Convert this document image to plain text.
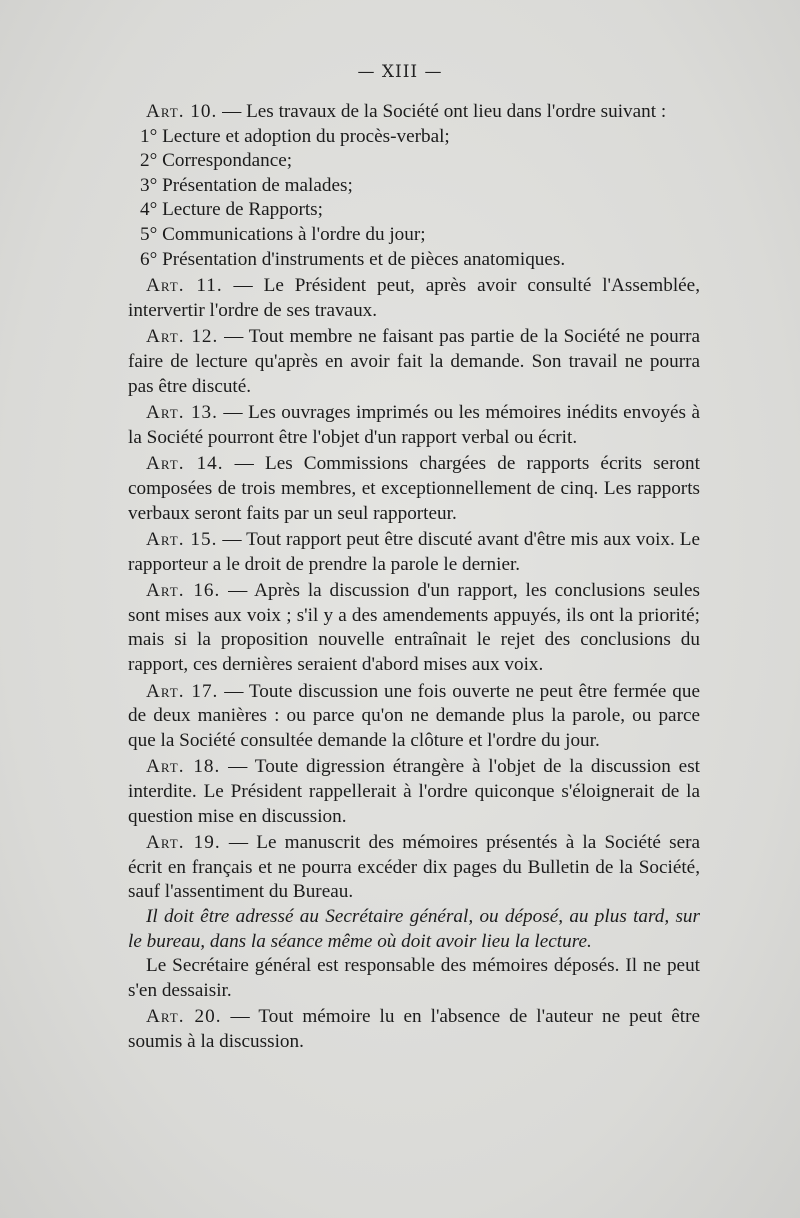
— XIII —

Art. 10. — Les travaux de la Société ont lieu dans l'ordre suivant :

1° Lecture et adoption du procès-verbal;

2° Correspondance;

3° Présentation de malades;

4° Lecture de Rapports;

5° Communications à l'ordre du jour;

6° Présentation d'instruments et de pièces anatomiques.

Art. 11. — Le Président peut, après avoir consulté l'Assemblée, intervertir l'ordre de ses travaux.

Art. 12. — Tout membre ne faisant pas partie de la Société ne pourra faire de lecture qu'après en avoir fait la demande. Son travail ne pourra pas être discuté.

Art. 13. — Les ouvrages imprimés ou les mémoires inédits envoyés à la Société pourront être l'objet d'un rapport verbal ou écrit.

Art. 14. — Les Commissions chargées de rapports écrits seront composées de trois membres, et exceptionnellement de cinq. Les rapports verbaux seront faits par un seul rapporteur.

Art. 15. — Tout rapport peut être discuté avant d'être mis aux voix. Le rapporteur a le droit de prendre la parole le dernier.

Art. 16. — Après la discussion d'un rapport, les conclusions seules sont mises aux voix ; s'il y a des amendements appuyés, ils ont la priorité; mais si la proposition nouvelle entraînait le rejet des conclusions du rapport, ces dernières seraient d'abord mises aux voix.

Art. 17. — Toute discussion une fois ouverte ne peut être fermée que de deux manières : ou parce qu'on ne demande plus la parole, ou parce que la Société consultée demande la clôture et l'ordre du jour.

Art. 18. — Toute digression étrangère à l'objet de la discussion est interdite. Le Président rappellerait à l'ordre quiconque s'éloignerait de la question mise en discussion.

Art. 19. — Le manuscrit des mémoires présentés à la Société sera écrit en français et ne pourra excéder dix pages du Bulletin de la Société, sauf l'assentiment du Bureau.

Il doit être adressé au Secrétaire général, ou déposé, au plus tard, sur le bureau, dans la séance même où doit avoir lieu la lecture.

Le Secrétaire général est responsable des mémoires déposés. Il ne peut s'en dessaisir.

Art. 20. — Tout mémoire lu en l'absence de l'auteur ne peut être soumis à la discussion.
